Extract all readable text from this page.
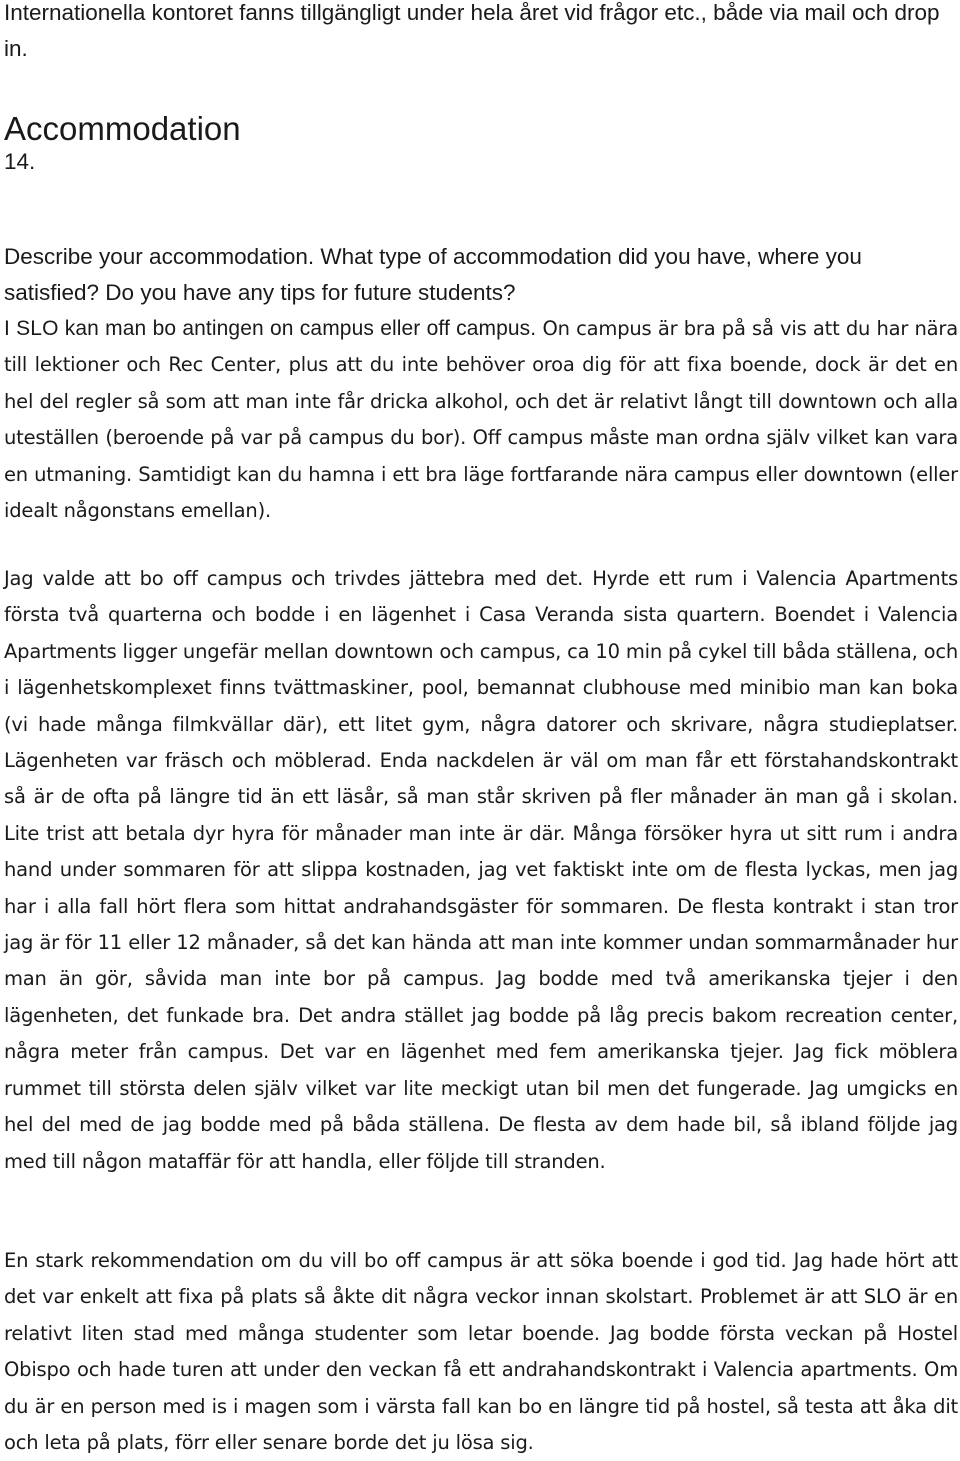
Internationella kontoret fanns tillgängligt under hela året vid frågor etc., både via mail och drop in.

Accommodation

14.

Describe your accommodation. What type of accommodation did you have, where you satisfied? Do you have any tips for future students?

I SLO kan man bo antingen on campus eller off campus. On campus är bra på så vis att du har nära till lektioner och Rec Center, plus att du inte behöver oroa dig för att fixa boende, dock är det en hel del regler så som att man inte får dricka alkohol, och det är relativt långt till downtown och alla uteställen (beroende på var på campus du bor). Off campus måste man ordna själv vilket kan vara en utmaning. Samtidigt kan du hamna i ett bra läge fortfarande nära campus eller downtown (eller idealt någonstans emellan).

Jag valde att bo off campus och trivdes jättebra med det. Hyrde ett rum i Valencia Apartments första två quarterna och bodde i en lägenhet i Casa Veranda sista quartern. Boendet i Valencia Apartments ligger ungefär mellan downtown och campus, ca 10 min på cykel till båda ställena, och i lägenhetskomplexet finns tvättmaskiner, pool, bemannat clubhouse med minibio man kan boka (vi hade många filmkvällar där), ett litet gym, några datorer och skrivare, några studieplatser. Lägenheten var fräsch och möblerad. Enda nackdelen är väl om man får ett förstahandskontrakt så är de ofta på längre tid än ett läsår, så man står skriven på fler månader än man gå i skolan. Lite trist att betala dyr hyra för månader man inte är där. Många försöker hyra ut sitt rum i andra hand under sommaren för att slippa kostnaden, jag vet faktiskt inte om de flesta lyckas, men jag har i alla fall hört flera som hittat andrahandsgäster för sommaren. De flesta kontrakt i stan tror jag är för 11 eller 12 månader, så det kan hända att man inte kommer undan sommarmånader hur man än gör, såvida man inte bor på campus. Jag bodde med två amerikanska tjejer i den lägenheten, det funkade bra. Det andra stället jag bodde på låg precis bakom recreation center, några meter från campus. Det var en lägenhet med fem amerikanska tjejer. Jag fick möblera rummet till största delen själv vilket var lite meckigt utan bil men det fungerade. Jag umgicks en hel del med de jag bodde med på båda ställena. De flesta av dem hade bil, så ibland följde jag med till någon mataffär för att handla, eller följde till stranden.

En stark rekommendation om du vill bo off campus är att söka boende i god tid. Jag hade hört att det var enkelt att fixa på plats så åkte dit några veckor innan skolstart. Problemet är att SLO är en relativt liten stad med många studenter som letar boende. Jag bodde första veckan på Hostel Obispo och hade turen att under den veckan få ett andrahandskontrakt i Valencia apartments. Om du är en person med is i magen som i värsta fall kan bo en längre tid på hostel, så testa att åka dit och leta på plats, förr eller senare borde det ju lösa sig.
